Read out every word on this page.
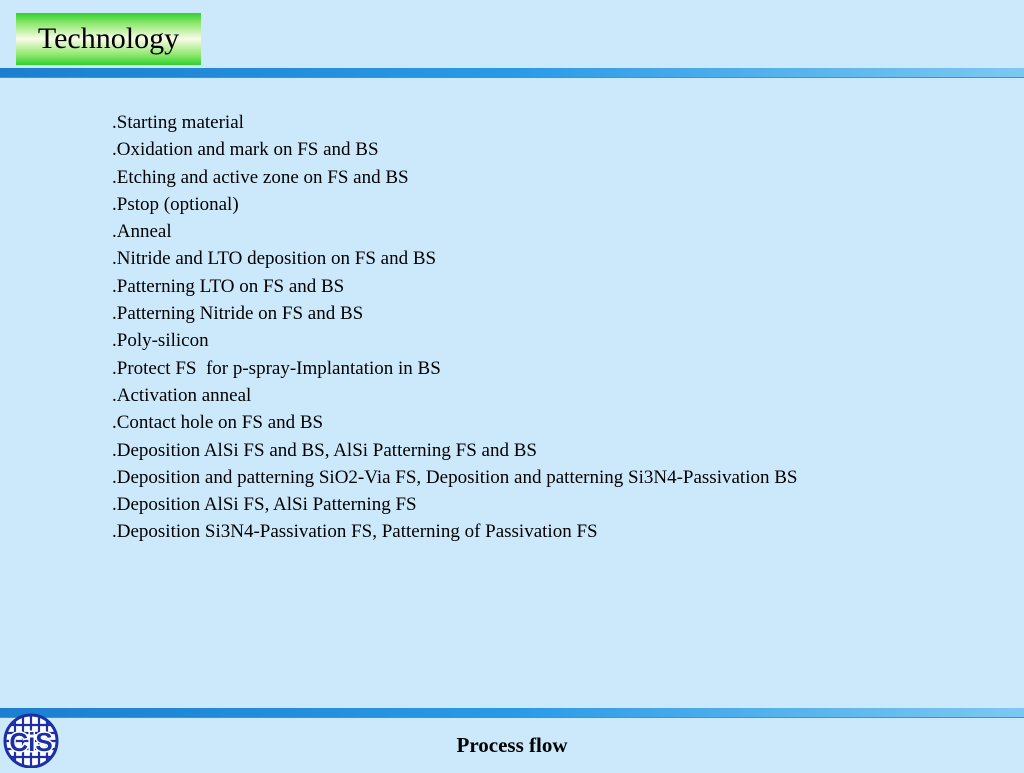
Technology
.Starting material
.Oxidation and mark on FS and BS
.Etching and active zone on FS and BS
.Pstop (optional)
.Anneal
.Nitride and LTO deposition on FS and BS
.Patterning LTO on FS and BS
.Patterning Nitride on FS and BS
.Poly-silicon
.Protect FS  for p-spray-Implantation in BS
.Activation anneal
.Contact hole on FS and BS
.Deposition AlSi FS and BS, AlSi Patterning FS and BS
.Deposition and patterning SiO2-Via FS, Deposition and patterning Si3N4-Passivation BS
.Deposition AlSi FS, AlSi Patterning FS
.Deposition Si3N4-Passivation FS, Patterning of Passivation FS
CiS	Process flow
